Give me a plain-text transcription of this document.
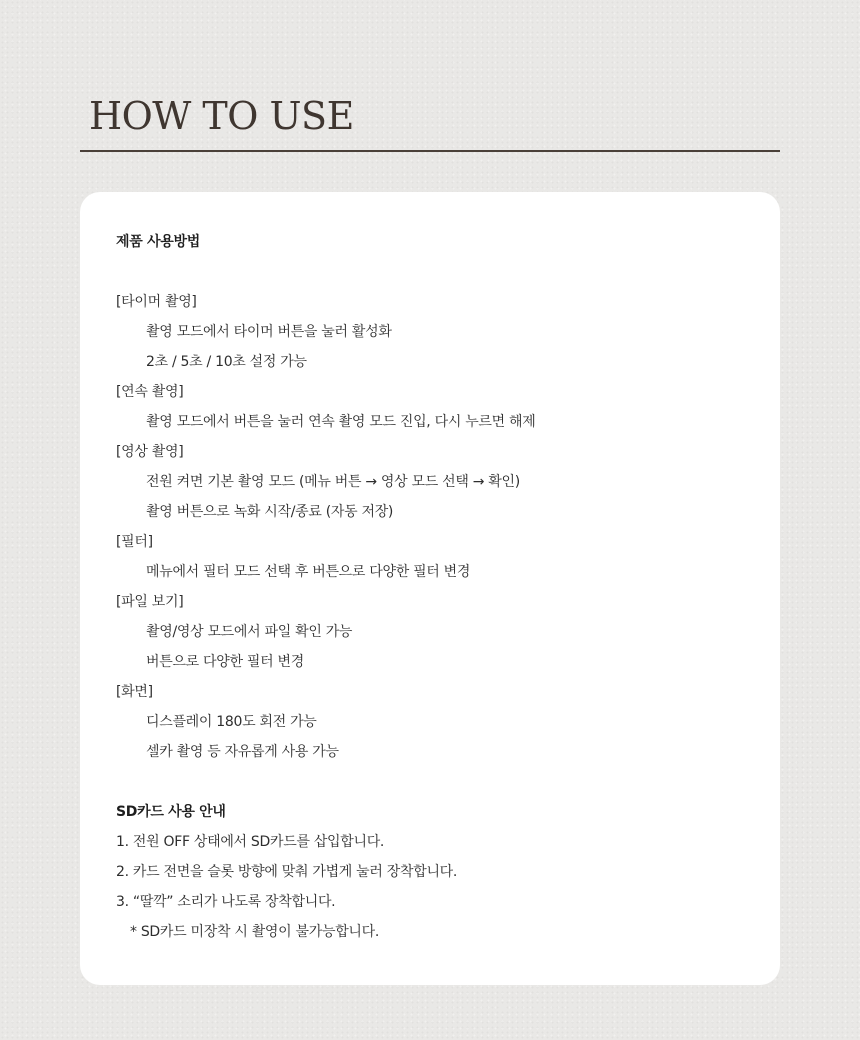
HOW TO USE
제품 사용방법
[타이머 촬영]
촬영 모드에서 타이머 버튼을 눌러 활성화
2초 / 5초 / 10초 설정 가능
[연속 촬영]
촬영 모드에서 버튼을 눌러 연속 촬영 모드 진입, 다시 누르면 해제
[영상 촬영]
전원 켜면 기본 촬영 모드 (메뉴 버튼 → 영상 모드 선택 → 확인)
촬영 버튼으로 녹화 시작/종료 (자동 저장)
[필터]
메뉴에서 필터 모드 선택 후 버튼으로 다양한 필터 변경
[파일 보기]
촬영/영상 모드에서 파일 확인 가능
버튼으로 다양한 필터 변경
[화면]
디스플레이 180도 회전 가능
셀카 촬영 등 자유롭게 사용 가능
SD카드 사용 안내
1. 전원 OFF 상태에서 SD카드를 삽입합니다.
2. 카드 전면을 슬롯 방향에 맞춰 가볍게 눌러 장착합니다.
3. “딸깍” 소리가 나도록 장착합니다.
* SD카드 미장착 시 촬영이 불가능합니다.
